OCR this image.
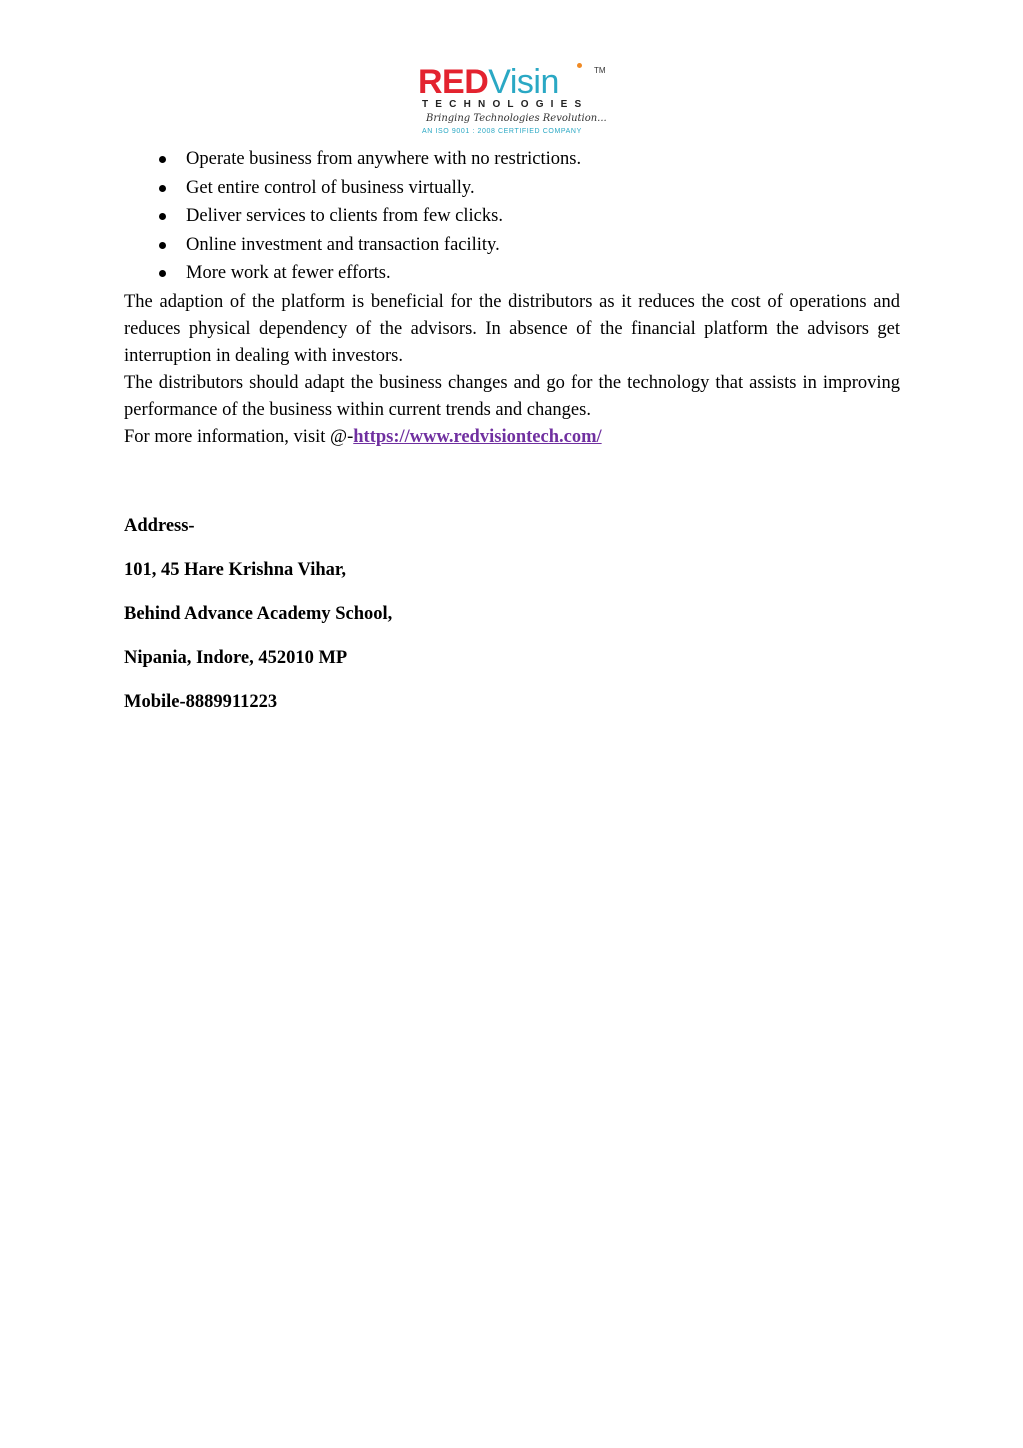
REDVisin	TM
TECHNOLOGIES
Bringing Technologies Revolution...
AN ISO 9001 : 2008 CERTIFIED COMPANY
Operate business from anywhere with no restrictions.
Get entire control of business virtually.
Deliver services to clients from few clicks.
Online investment and transaction facility.
More work at fewer efforts.

The adaption of the platform is beneficial for the distributors as it reduces the cost of operations and reduces physical dependency of the advisors. In absence of the financial platform the advisors get interruption in dealing with investors.

The distributors should adapt the business changes and go for the technology that assists in improving performance of the business within current trends and changes.

For more information, visit @-https://www.redvisiontech.com/

Address-

101, 45 Hare Krishna Vihar,

Behind Advance Academy School,

Nipania, Indore, 452010 MP

Mobile-8889911223
